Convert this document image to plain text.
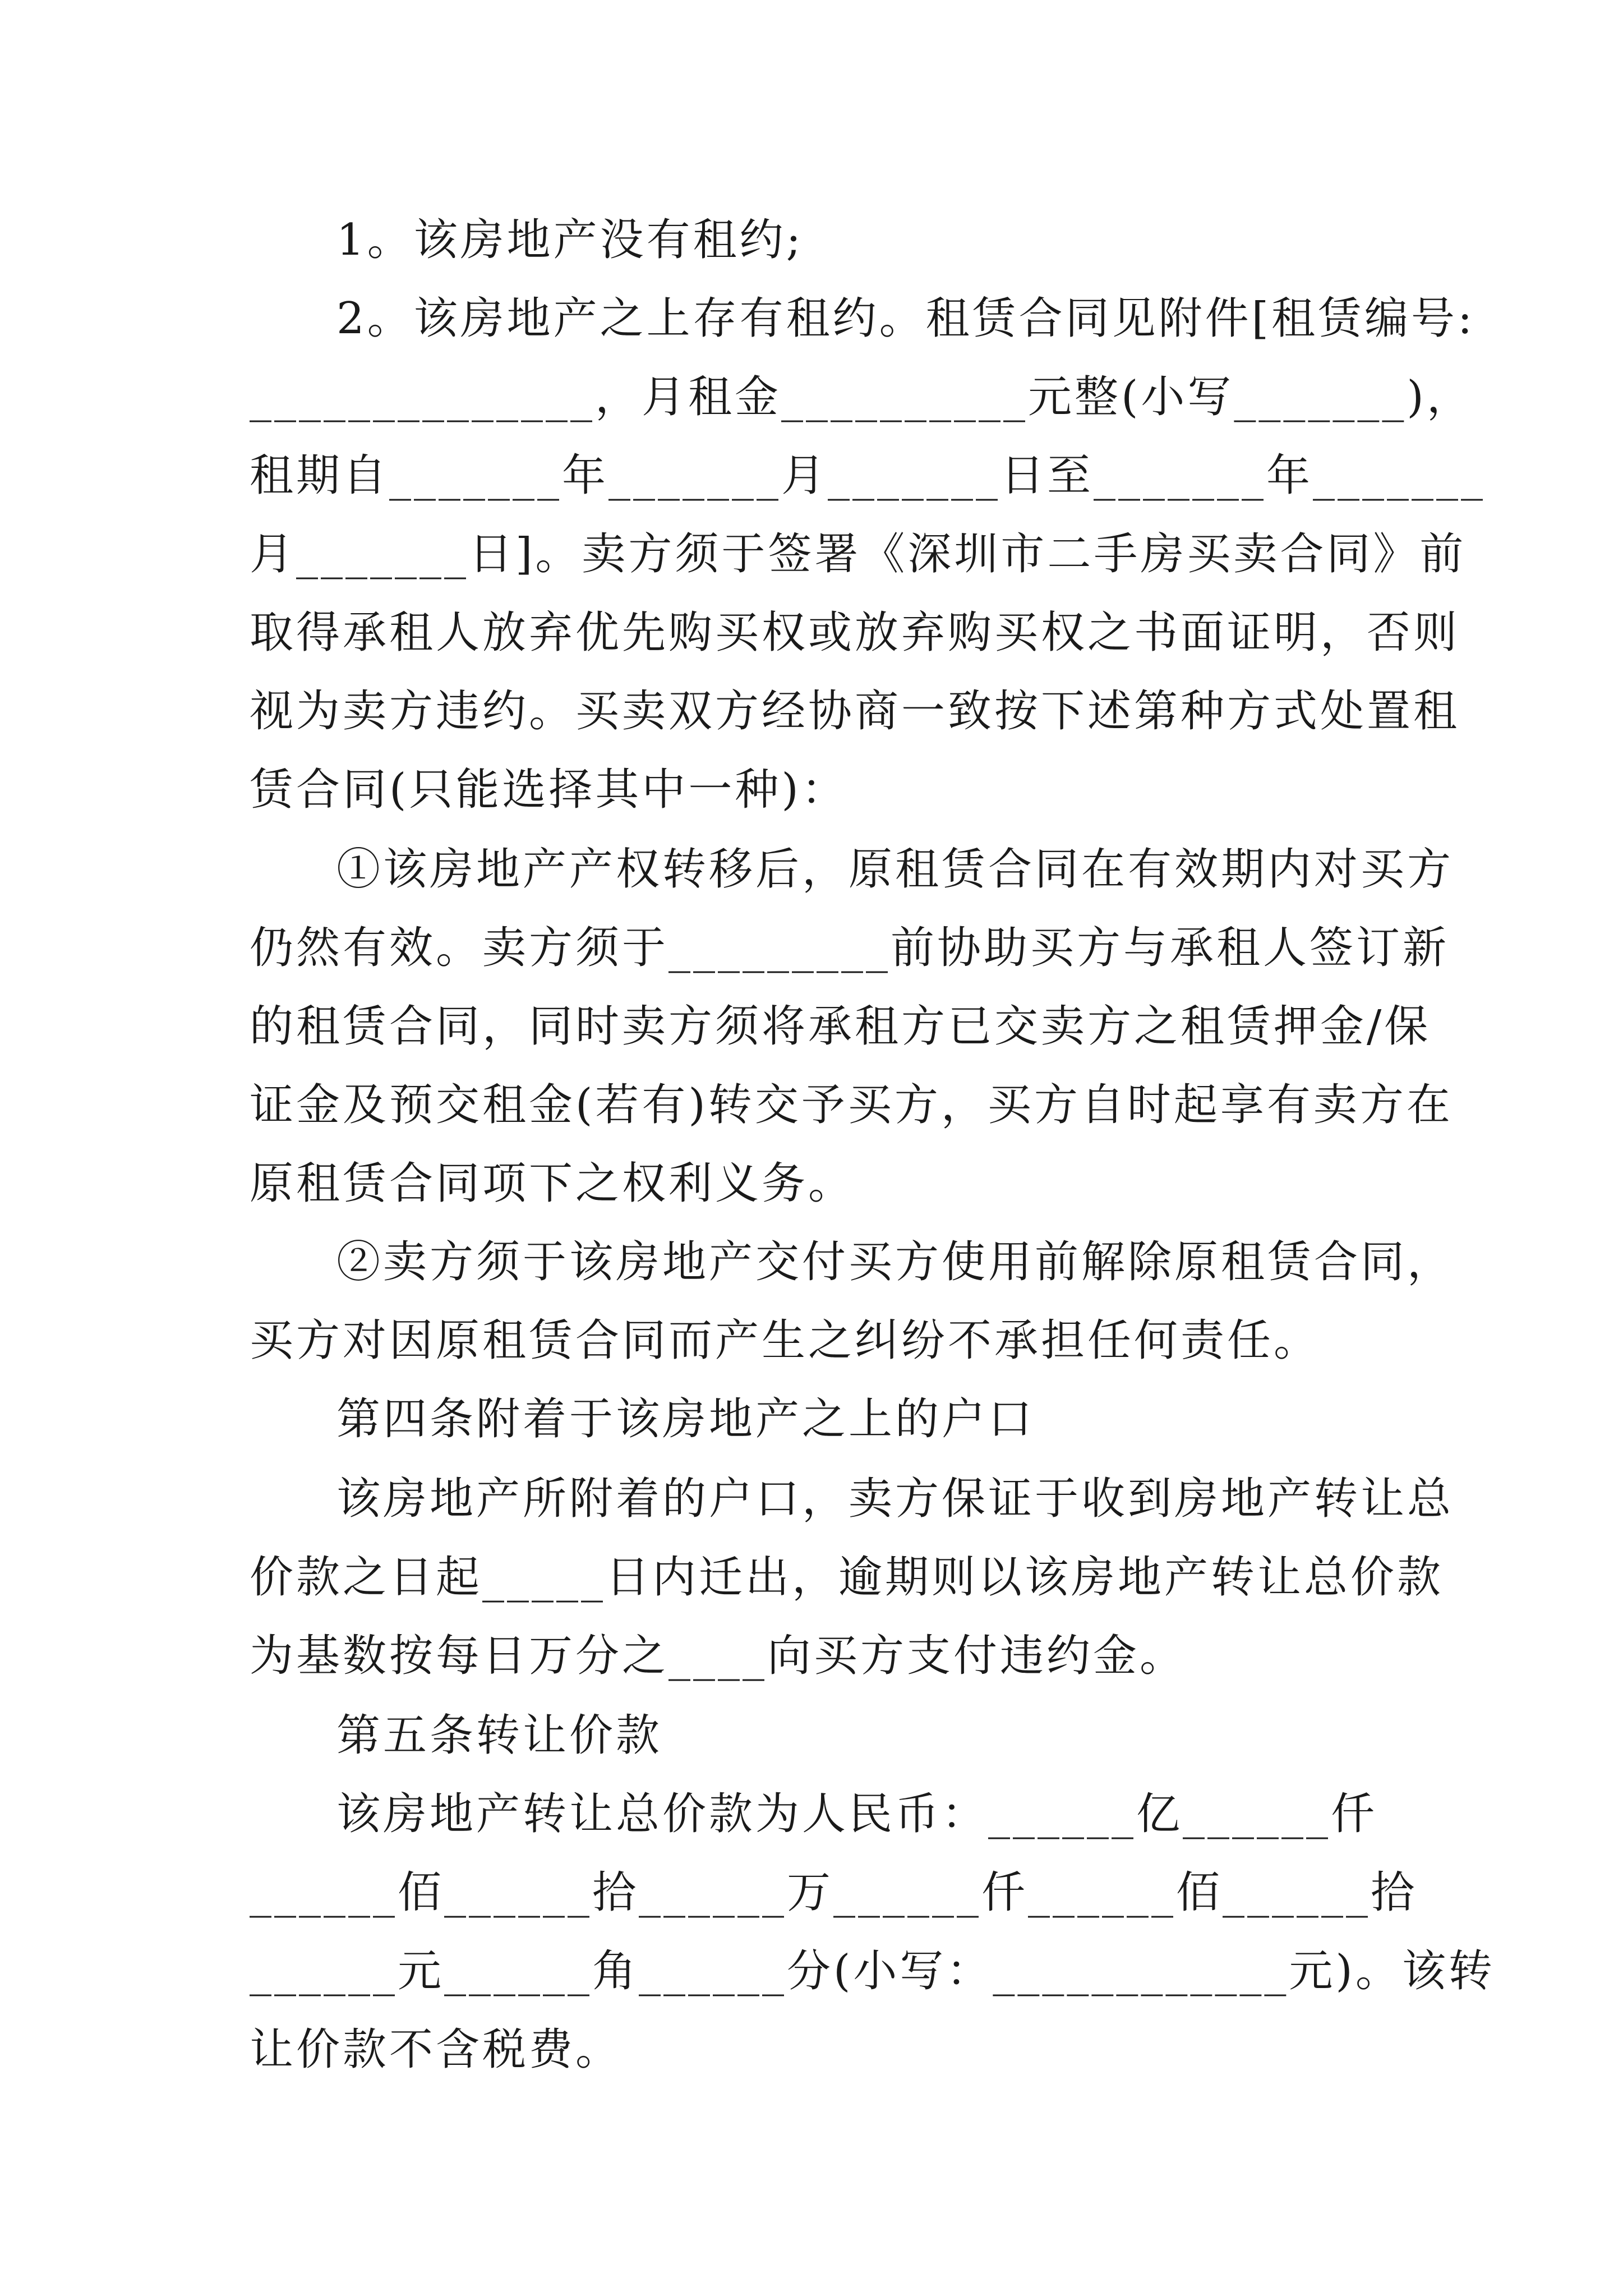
1。该房地产没有租约;
2。该房地产之上存有租约。租赁合同见附件[租赁编号:
______________，月租金__________元整(小写_______)，
租期自_______年_______月_______日至_______年_______
月_______日]。卖方须于签署《深圳市二手房买卖合同》前
取得承租人放弃优先购买权或放弃购买权之书面证明，否则
视为卖方违约。买卖双方经协商一致按下述第种方式处置租
赁合同(只能选择其中一种)：
①该房地产产权转移后，原租赁合同在有效期内对买方
仍然有效。卖方须于_________前协助买方与承租人签订新
的租赁合同，同时卖方须将承租方已交卖方之租赁押金/保
证金及预交租金(若有)转交予买方，买方自时起享有卖方在
原租赁合同项下之权利义务。
②卖方须于该房地产交付买方使用前解除原租赁合同，
买方对因原租赁合同而产生之纠纷不承担任何责任。
第四条附着于该房地产之上的户口
该房地产所附着的户口，卖方保证于收到房地产转让总
价款之日起_____日内迁出，逾期则以该房地产转让总价款
为基数按每日万分之____向买方支付违约金。
第五条转让价款
该房地产转让总价款为人民币：______亿______仟
______佰______拾______万______仟______佰______拾
______元______角______分(小写：____________元)。该转
让价款不含税费。
